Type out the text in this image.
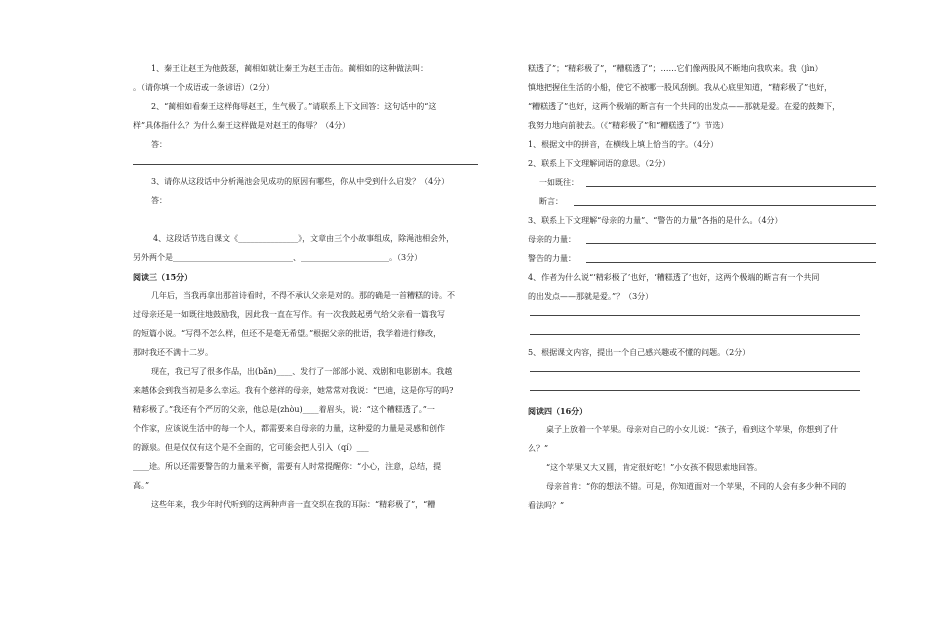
1、秦王让赵王为他鼓瑟，蔺相如就让秦王为赵王击缶。蔺相如的这种做法叫：
。（请你填一个成语或一条谚语）（2分）
2、“蔺相如看秦王这样侮辱赵王，生气极了。”请联系上下文回答：这句话中的“这
样”具体指什么？为什么秦王这样做是对赵王的侮辱？（4分）
答：
3、请你从这段话中分析渑池会见成功的原因有哪些，你从中受到什么启发？（4分）
答：
4、这段话节选自课文《_______________》，文章由三个小故事组成，除渑池相会外，
另外两个是______________________________、______________________。（3分）
阅读三（15分）
几年后，当我再拿出那首诗看时，不得不承认父亲是对的。那的确是一首糟糕的诗。不
过母亲还是一如既往地鼓励我，因此我一直在写作。有一次我鼓起勇气给父亲看一篇我写
的短篇小说。“写得不怎么样，但还不是毫无希望。”根据父亲的批语，我学着进行修改，
那时我还不满十二岁。
现在，我已写了很多作品，出(bǎn)____、发行了一部部小说、戏剧和电影剧本。我越
来越体会到我当初是多么幸运。我有个慈祥的母亲，她常常对我说：“巴迪，这是你写的吗?
精彩极了。”我还有个严厉的父亲，他总是(zhòu)____着眉头，说：“这个糟糕透了。”一
个作家，应该说生活中的每一个人，都需要来自母亲的力量，这种爱的力量是灵感和创作
的源泉。但是仅仅有这个是不全面的，它可能会把人引入（qí）___
____途。所以还需要警告的力量来平衡，需要有人时常提醒你：“小心，注意，总结，提
高。”
这些年来，我少年时代听到的这两种声音一直交织在我的耳际：“精彩极了”，“糟
糕透了”；“精彩极了”，“糟糕透了”；……它们像两股风不断地向我吹来。我（jìn）
慎地把握住生活的小船，使它不被哪一股风刮倒。我从心底里知道，“精彩极了”也好，
“糟糕透了”也好，这两个极端的断言有一个共同的出发点——那就是爱。在爱的鼓舞下，
我努力地向前驶去。（《“精彩极了”和“糟糕透了”》节选）
1、根据文中的拼音，在横线上填上恰当的字。（4分）
2、联系上下文理解词语的意思。（2分）
一如既往：
断言：
3、联系上下文理解“母亲的力量”、“警告的力量”各指的是什么。（4分）
母亲的力量：
警告的力量：
4、作者为什么说“‘精彩极了’也好，‘糟糕透了’也好，这两个极端的断言有一个共同
的出发点——那就是爱。”？（3分）
5、根据课文内容，提出一个自己感兴趣或不懂的问题。（2分）
阅读四（16分）
桌子上放着一个苹果。母亲对自己的小女儿说：“孩子，看到这个苹果，你想到了什
么？”
“这个苹果又大又圆，肯定很好吃！”小女孩不假思索地回答。
母亲首肯：“你的想法不错。可是，你知道面对一个苹果，不同的人会有多少种不同的
看法吗？”
